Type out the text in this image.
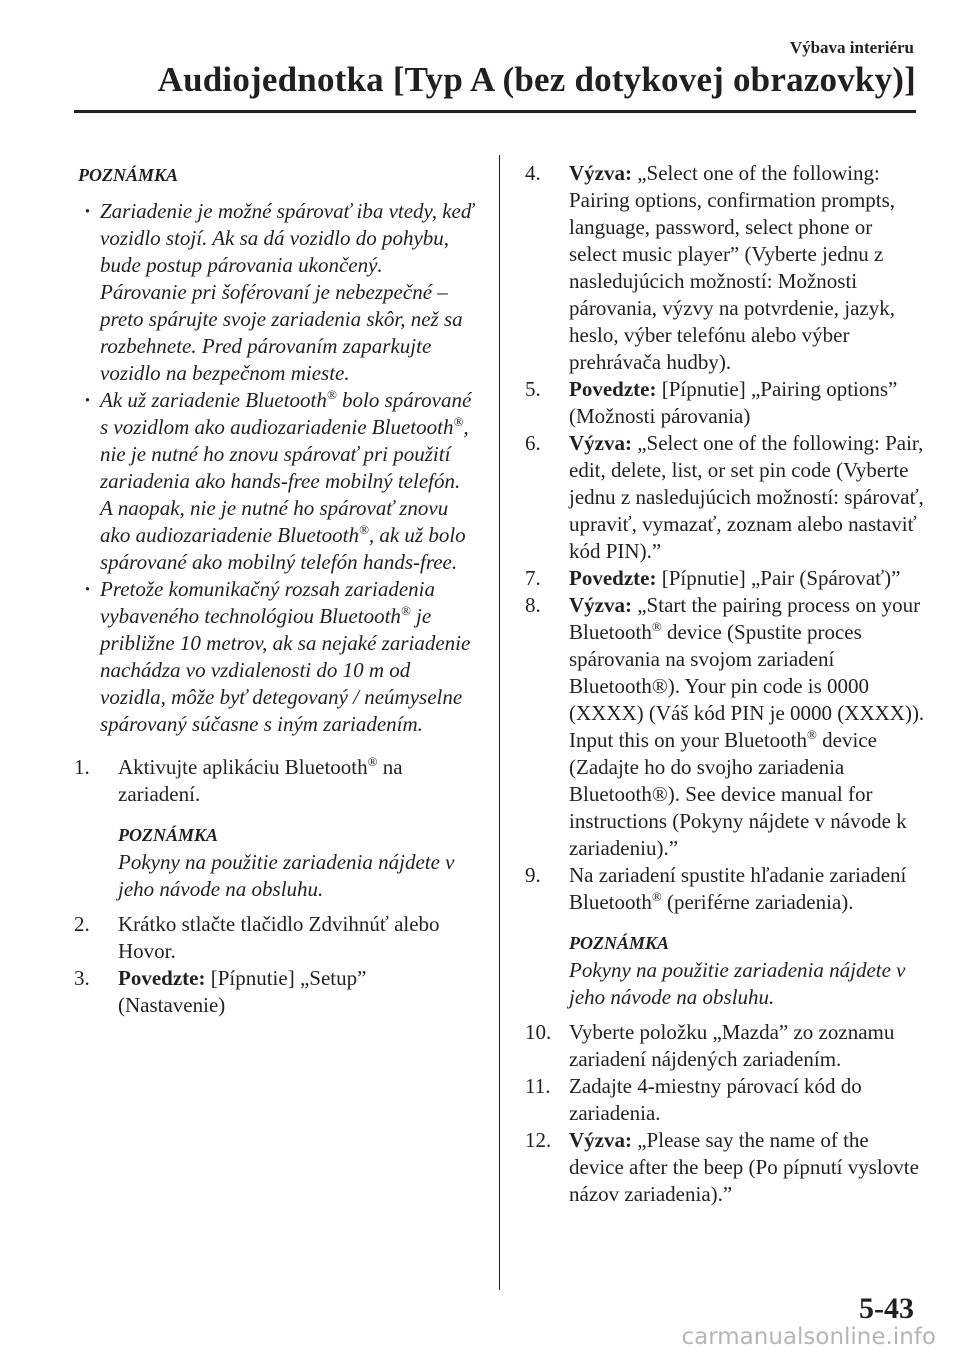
Výbava interiéru
Audiojednotka [Typ A (bez dotykovej obrazovky)]
POZNÁMKA
· Zariadenie je možné spárovať iba vtedy, keď vozidlo stojí. Ak sa dá vozidlo do pohybu, bude postup párovania ukončený. Párovanie pri šoférovaní je nebezpečné – preto spárujte svoje zariadenia skôr, než sa rozbehnete. Pred párovaním zaparkujte vozidlo na bezpečnom mieste.

· Ak už zariadenie Bluetooth® bolo spárované s vozidlom ako audiozariadenie Bluetooth®, nie je nutné ho znovu spárovať pri použití zariadenia ako hands-free mobilný telefón. A naopak, nie je nutné ho spárovať znovu ako audiozariadenie Bluetooth®, ak už bolo spárované ako mobilný telefón hands-free.

· Pretože komunikačný rozsah zariadenia vybaveného technológiou Bluetooth® je približne 10 metrov, ak sa nejaké zariadenie nachádza vo vzdialenosti do 10 m od vozidla, môže byť detegovaný / neúmyselne spárovaný súčasne s iným zariadením.

1. Aktivujte aplikáciu Bluetooth® na zariadení.
POZNÁMKA
Pokyny na použitie zariadenia nájdete v jeho návode na obsluhu.
2. Krátko stlačte tlačidlo Zdvihnúť alebo Hovor.
3. Povedzte: [Pípnutie] „Setup” (Nastavenie)
4. Výzva: „Select one of the following: Pairing options, confirmation prompts, language, password, select phone or select music player” (Vyberte jednu z nasledujúcich možností: Možnosti párovania, výzvy na potvrdenie, jazyk, heslo, výber telefónu alebo výber prehrávača hudby).
5. Povedzte: [Pípnutie] „Pairing options” (Možnosti párovania)
6. Výzva: „Select one of the following: Pair, edit, delete, list, or set pin code (Vyberte jednu z nasledujúcich možností: spárovať, upraviť, vymazať, zoznam alebo nastaviť kód PIN).”
7. Povedzte: [Pípnutie] „Pair (Spárovať)”
8. Výzva: „Start the pairing process on your Bluetooth® device (Spustite proces spárovania na svojom zariadení Bluetooth®). Your pin code is 0000 (XXXX) (Váš kód PIN je 0000 (XXXX)). Input this on your Bluetooth® device (Zadajte ho do svojho zariadenia Bluetooth®). See device manual for instructions (Pokyny nájdete v návode k zariadeniu).”
9. Na zariadení spustite hľadanie zariadení Bluetooth® (periférne zariadenia).
POZNÁMKA
Pokyny na použitie zariadenia nájdete v jeho návode na obsluhu.
10. Vyberte položku „Mazda” zo zoznamu zariadení nájdených zariadením.
11. Zadajte 4-miestny párovací kód do zariadenia.
12. Výzva: „Please say the name of the device after the beep (Po pípnutí vyslovte názov zariadenia).”
5-43
carmanualsonline.info
